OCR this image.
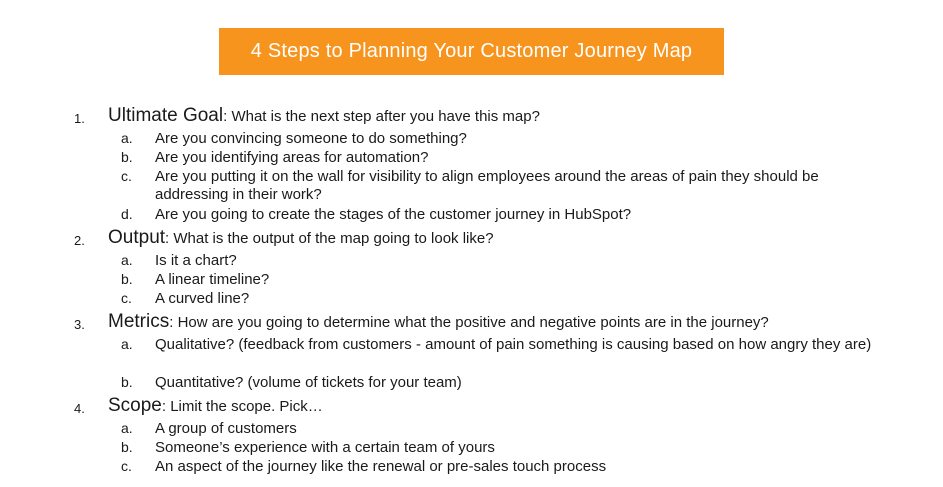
4 Steps to Planning Your Customer Journey Map
1. Ultimate Goal: What is the next step after you have this map?
a. Are you convincing someone to do something?
b. Are you identifying areas for automation?
c. Are you putting it on the wall for visibility to align employees around the areas of pain they should be addressing in their work?
d. Are you going to create the stages of the customer journey in HubSpot?
2. Output: What is the output of the map going to look like?
a. Is it a chart?
b. A linear timeline?
c. A curved line?
3. Metrics: How are you going to determine what the positive and negative points are in the journey?
a. Qualitative? (feedback from customers - amount of pain something is causing based on how angry they are)
b. Quantitative? (volume of tickets for your team)
4. Scope: Limit the scope. Pick…
a. A group of customers
b. Someone’s experience with a certain team of yours
c. An aspect of the journey like the renewal or pre-sales touch process
